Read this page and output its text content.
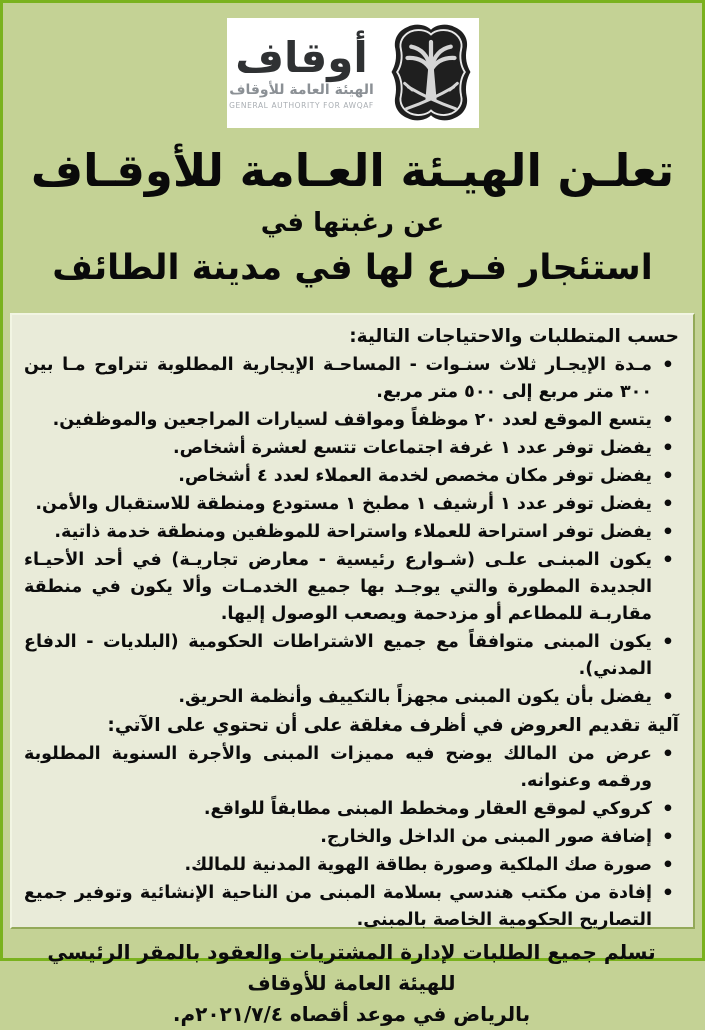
أوقاف
الهيئة العامة للأوقاف
GENERAL AUTHORITY FOR AWQAF
تعلـن الهيـئة العـامة للأوقـاف
عن رغبتها في
استئجار فـرع لها في مدينة الطائف
حسب المتطلبات والاحتياجات التالية:
• مـدة الإيجـار ثلاث سنـوات - المساحـة الإيجارية المطلوبة تتراوح مـا بين ٣٠٠ متر مربع إلى ٥٠٠ متر مربع.
• يتسع الموقع لعدد ٢٠ موظفاً ومواقف لسيارات المراجعين والموظفين.
• يفضل توفر عدد ١ غرفة اجتماعات تتسع لعشرة أشخاص.
• يفضل توفر مكان مخصص لخدمة العملاء لعدد ٤ أشخاص.
• يفضل توفر عدد ١ أرشيف ١ مطبخ ١ مستودع ومنطقة للاستقبال والأمن.
• يفضل توفر استراحة للعملاء واستراحة للموظفين ومنطقة خدمة ذاتية.
• يكون المبنـى علـى (شـوارع رئيسية - معارض تجاريـة) في أحد الأحيـاء الجديدة المطورة والتي يوجـد بها جميع الخدمـات وألا يكون في منطقة مقاربـة للمطاعم أو مزدحمة ويصعب الوصول إليها.
• يكون المبنى متوافقاً مع جميع الاشتراطات الحكومية (البلديات - الدفاع المدني).
• يفضل بأن يكون المبنى مجهزاً بالتكييف وأنظمة الحريق.
آلية تقديم العروض في أظرف مغلقة على أن تحتوي على الآتي:
• عرض من المالك يوضح فيه مميزات المبنى والأجرة السنوية المطلوبة ورقمه وعنوانه.
• كروكي لموقع العقار ومخطط المبنى مطابقاً للواقع.
• إضافة صور المبنى من الداخل والخارج.
• صورة صك الملكية وصورة بطاقة الهوية المدنية للمالك.
• إفادة من مكتب هندسي بسلامة المبنى من الناحية الإنشائية وتوفير جميع التصاريح الحكومية الخاصة بالمبنى.
تسلم جميع الطلبات لإدارة المشتريات والعقود بالمقر الرئيسي للهيئة العامة للأوقاف
بالرياض في موعد أقصاه ٢٠٢١/٧/٤م.
